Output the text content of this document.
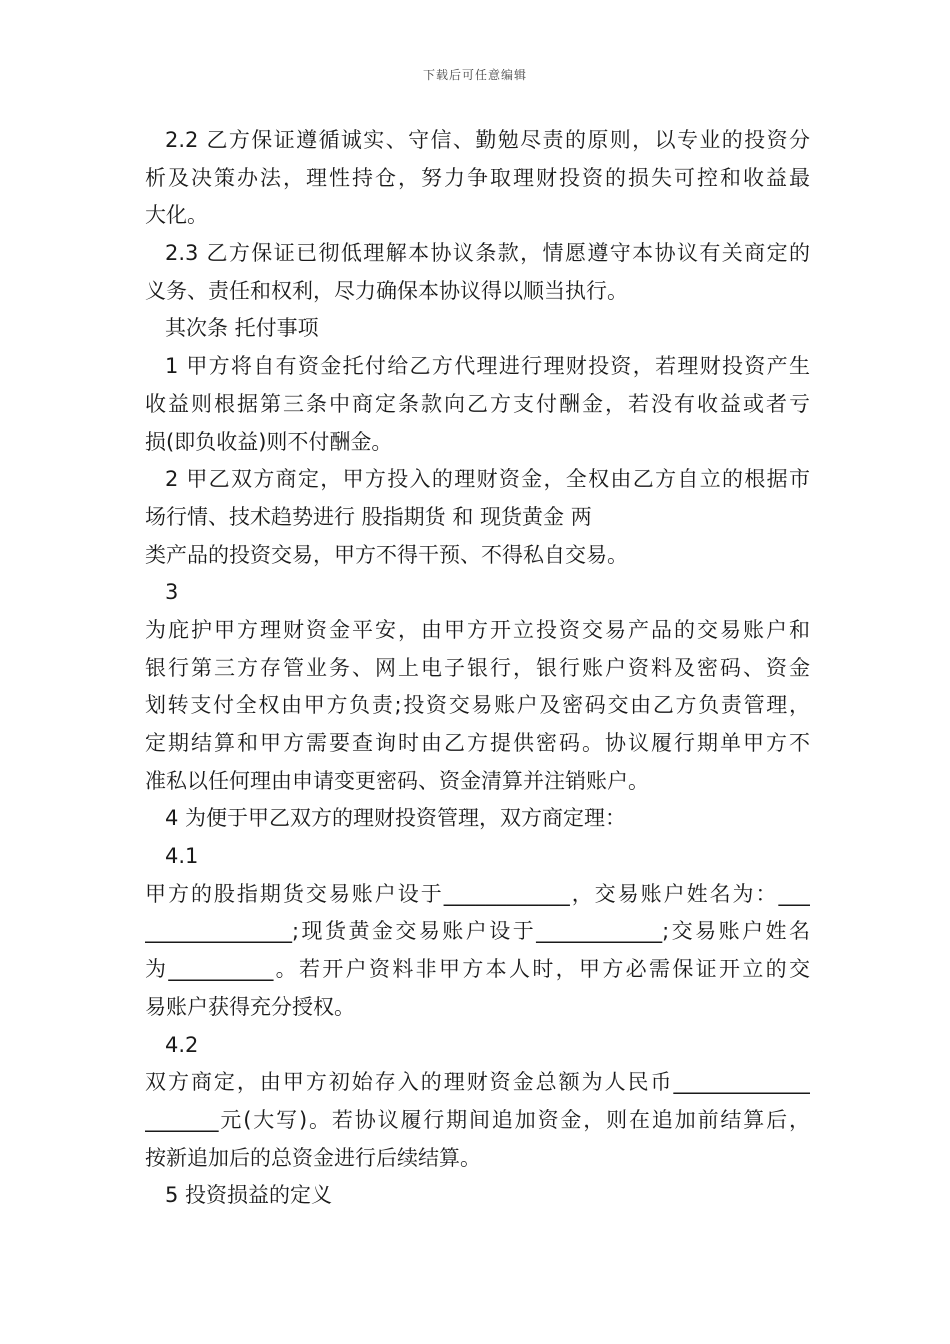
下载后可任意编辑
2.2 乙方保证遵循诚实、守信、勤勉尽责的原则，以专业的投资分
析及决策办法，理性持仓，努力争取理财投资的损失可控和收益最
大化。
2.3 乙方保证已彻低理解本协议条款，情愿遵守本协议有关商定的
义务、责任和权利，尽力确保本协议得以顺当执行。
其次条 托付事项
1 甲方将自有资金托付给乙方代理进行理财投资，若理财投资产生
收益则根据第三条中商定条款向乙方支付酬金，若没有收益或者亏
损(即负收益)则不付酬金。
2 甲乙双方商定，甲方投入的理财资金，全权由乙方自立的根据市
场行情、技术趋势进行 股指期货 和 现货黄金 两
类产品的投资交易，甲方不得干预、不得私自交易。
3
为庇护甲方理财资金平安，由甲方开立投资交易产品的交易账户和
银行第三方存管业务、网上电子银行，银行账户资料及密码、资金
划转支付全权由甲方负责;投资交易账户及密码交由乙方负责管理，
定期结算和甲方需要查询时由乙方提供密码。协议履行期单甲方不
准私以任何理由申请变更密码、资金清算并注销账户。
4 为便于甲乙双方的理财投资管理，双方商定理：
4.1
甲方的股指期货交易账户设于____________，交易账户姓名为：___
______________;现货黄金交易账户设于____________;交易账户姓名
为__________。若开户资料非甲方本人时，甲方必需保证开立的交
易账户获得充分授权。
4.2
双方商定，由甲方初始存入的理财资金总额为人民币_____________
_______元(大写)。若协议履行期间追加资金，则在追加前结算后，
按新追加后的总资金进行后续结算。
5 投资损益的定义
